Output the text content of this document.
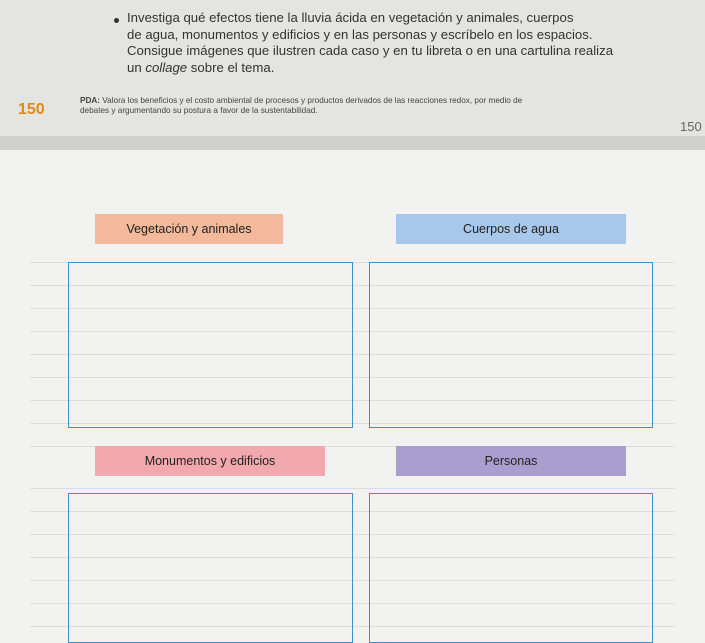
Investiga qué efectos tiene la lluvia ácida en vegetación y animales, cuerpos
de agua, monumentos y edificios y en las personas y escríbelo en los espacios.
Consigue imágenes que ilustren cada caso y en tu libreta o en una cartulina realiza
un collage sobre el tema.
150
PDA: Valora los beneficios y el costo ambiental de procesos y productos derivados de las reacciones redox, por medio de
debates y argumentando su postura a favor de la sustentabilidad.
150
Vegetación y animales	Cuerpos de agua
Monumentos y edificios	Personas
